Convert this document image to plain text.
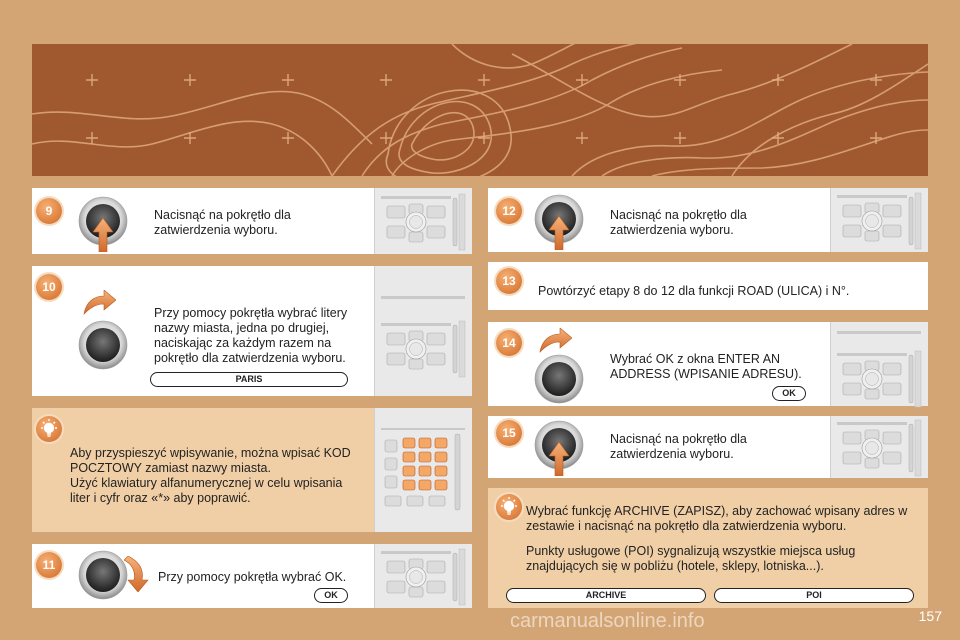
9	Nacisnąć na pokrętło dla
zatwierdzenia wyboru.
10
Przy pomocy pokrętła wybrać litery
nazwy miasta, jedna po drugiej,
naciskając za każdym razem na
pokrętło dla zatwierdzenia wyboru.
PARIS

Aby przyspieszyć wpisywanie, można wpisać KOD
POCZTOWY zamiast nazwy miasta.
Użyć klawiatury alfanumerycznej w celu wpisania
liter i cyfr oraz «*» aby poprawić.
11
Przy pomocy pokrętła wybrać OK.
OK
12	Nacisnąć na pokrętło dla
zatwierdzenia wyboru.
13
Powtórzyć etapy 8 do 12 dla funkcji ROAD (ULICA) i N°.
14
Wybrać OK z okna ENTER AN
ADDRESS (WPISANIE ADRESU).
OK

15	Nacisnąć na pokrętło dla
zatwierdzenia wyboru.
Wybrać funkcję ARCHIVE (ZAPISZ), aby zachować wpisany adres w
zestawie i nacisnąć na pokrętło dla zatwierdzenia wyboru.
Punkty usługowe (POI) sygnalizują wszystkie miejsca usług
znajdujących się w pobliżu (hotele, sklepy, lotniska...).
ARCHIVE	POI
carmanualsonline.info	157
